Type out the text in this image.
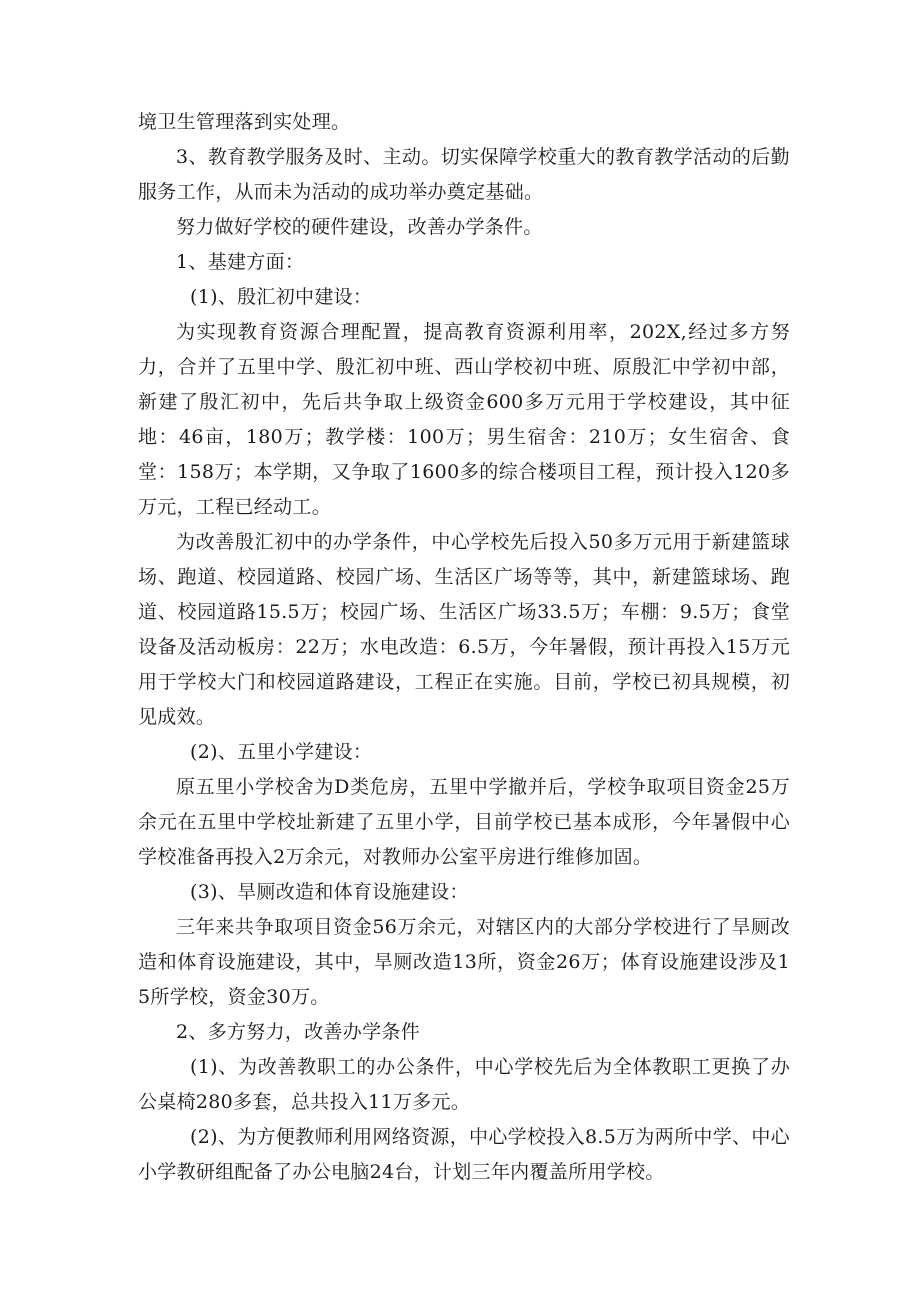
境卫生管理落到实处理。

3、教育教学服务及时、主动。切实保障学校重大的教育教学活动的后勤服务工作，从而未为活动的成功举办奠定基础。

努力做好学校的硬件建设，改善办学条件。

1、基建方面：

(1)、殷汇初中建设：

为实现教育资源合理配置，提高教育资源利用率，202X,经过多方努力，合并了五里中学、殷汇初中班、西山学校初中班、原殷汇中学初中部，新建了殷汇初中，先后共争取上级资金600多万元用于学校建设，其中征地：46亩，180万；教学楼：100万；男生宿舍：210万；女生宿舍、食堂：158万；本学期，又争取了1600多的综合楼项目工程，预计投入120多万元，工程已经动工。

为改善殷汇初中的办学条件，中心学校先后投入50多万元用于新建篮球场、跑道、校园道路、校园广场、生活区广场等等，其中，新建篮球场、跑道、校园道路15.5万；校园广场、生活区广场33.5万；车棚：9.5万；食堂设备及活动板房：22万；水电改造：6.5万，今年暑假，预计再投入15万元用于学校大门和校园道路建设，工程正在实施。目前，学校已初具规模，初见成效。

(2)、五里小学建设：

原五里小学校舍为D类危房，五里中学撤并后，学校争取项目资金25万余元在五里中学校址新建了五里小学，目前学校已基本成形，今年暑假中心学校准备再投入2万余元，对教师办公室平房进行维修加固。

(3)、旱厕改造和体育设施建设：

三年来共争取项目资金56万余元，对辖区内的大部分学校进行了旱厕改造和体育设施建设，其中，旱厕改造13所，资金26万；体育设施建设涉及15所学校，资金30万。

2、多方努力，改善办学条件

(1)、为改善教职工的办公条件，中心学校先后为全体教职工更换了办公桌椅280多套，总共投入11万多元。

(2)、为方便教师利用网络资源，中心学校投入8.5万为两所中学、中心小学教研组配备了办公电脑24台，计划三年内覆盖所用学校。
